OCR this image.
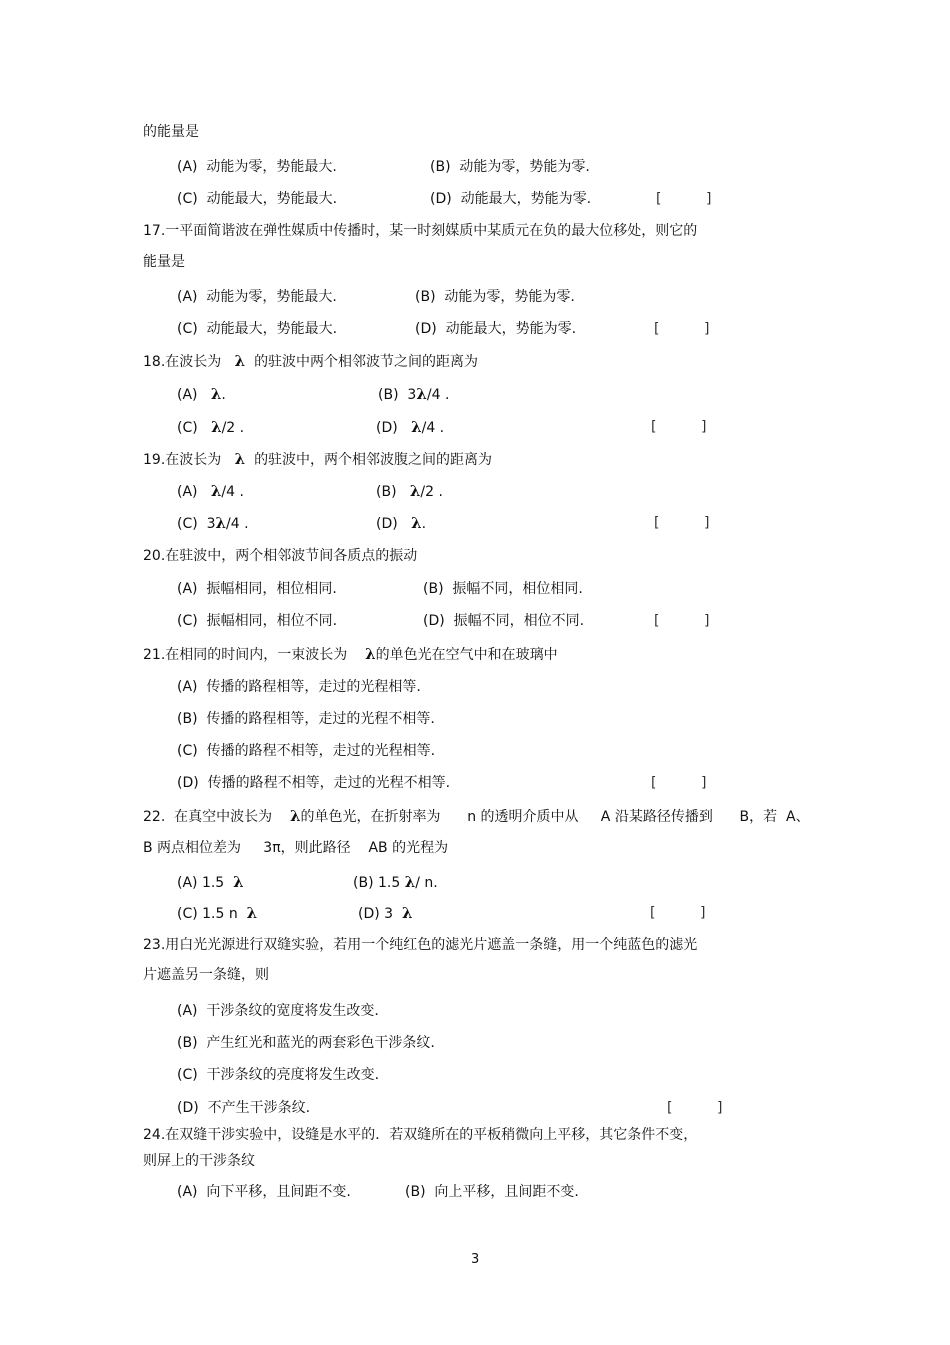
的能量是
(A)  动能为零，势能最大.	(B)  动能为零，势能为零.
(C)  动能最大，势能最大.	(D)  动能最大，势能为零.	[          ]
17.一平面简谐波在弹性媒质中传播时，某一时刻媒质中某质元在负的最大位移处，则它的
能量是
(A)  动能为零，势能最大.	(B)  动能为零，势能为零.
(C)  动能最大，势能最大.	(D)  动能最大，势能为零.	[          ]
18.在波长为 λ 的驻波中两个相邻波节之间的距离为
(A) λ.	(B)  3λ/4 .
(C) λ/2 .	(D) λ/4 .	[          ]
19.在波长为 λ 的驻波中，两个相邻波腹之间的距离为
(A) λ/4 .	(B) λ/2 .
(C)  3λ/4 .	(D) λ.	[          ]
20.在驻波中，两个相邻波节间各质点的振动
(A)  振幅相同，相位相同.	(B)  振幅不同，相位相同.
(C)  振幅相同，相位不同.	(D)  振幅不同，相位不同.	[          ]
21.在相同的时间内，一束波长为 λ的单色光在空气中和在玻璃中
(A)  传播的路程相等，走过的光程相等.
(B)  传播的路程相等，走过的光程不相等.
(C)  传播的路程不相等，走过的光程相等.
(D)  传播的路程不相等，走过的光程不相等.	[          ]
22.  在真空中波长为 λ的单色光，在折射率为      n 的透明介质中从     A 沿某路径传播到      B，若  A、
B 两点相位差为     3π，则此路径    AB 的光程为
(A) 1.5 λ	(B) 1.5 λ/ n.
(C) 1.5 n λ	(D) 3 λ	[          ]
23.用白光光源进行双缝实验，若用一个纯红色的滤光片遮盖一条缝，用一个纯蓝色的滤光
片遮盖另一条缝，则
(A)  干涉条纹的宽度将发生改变.
(B)  产生红光和蓝光的两套彩色干涉条纹.
(C)  干涉条纹的亮度将发生改变.
(D)  不产生干涉条纹.	[          ]
24.在双缝干涉实验中，设缝是水平的．若双缝所在的平板稍微向上平移，其它条件不变，
则屏上的干涉条纹
(A)  向下平移，且间距不变.	(B)  向上平移，且间距不变.
3
